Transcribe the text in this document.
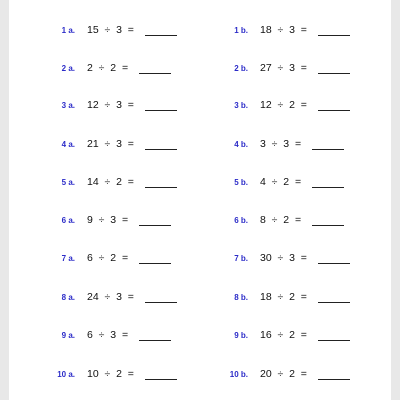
1 a. 15  ÷  3  =
2 a. 2  ÷  2  =
3 a. 12  ÷  3  =
4 a. 21  ÷  3  =
5 a. 14  ÷  2  =
6 a. 9  ÷  3  =
7 a. 6  ÷  2  =
8 a. 24  ÷  3  =
9 a. 6  ÷  3  =
10 a. 10  ÷  2  =
1 b. 18  ÷  3  =
2 b. 27  ÷  3  =
3 b. 12  ÷  2  =
4 b. 3  ÷  3  =
5 b. 4  ÷  2  =
6 b. 8  ÷  2  =
7 b. 30  ÷  3  =
8 b. 18  ÷  2  =
9 b. 16  ÷  2  =
10 b. 20  ÷  2  =
